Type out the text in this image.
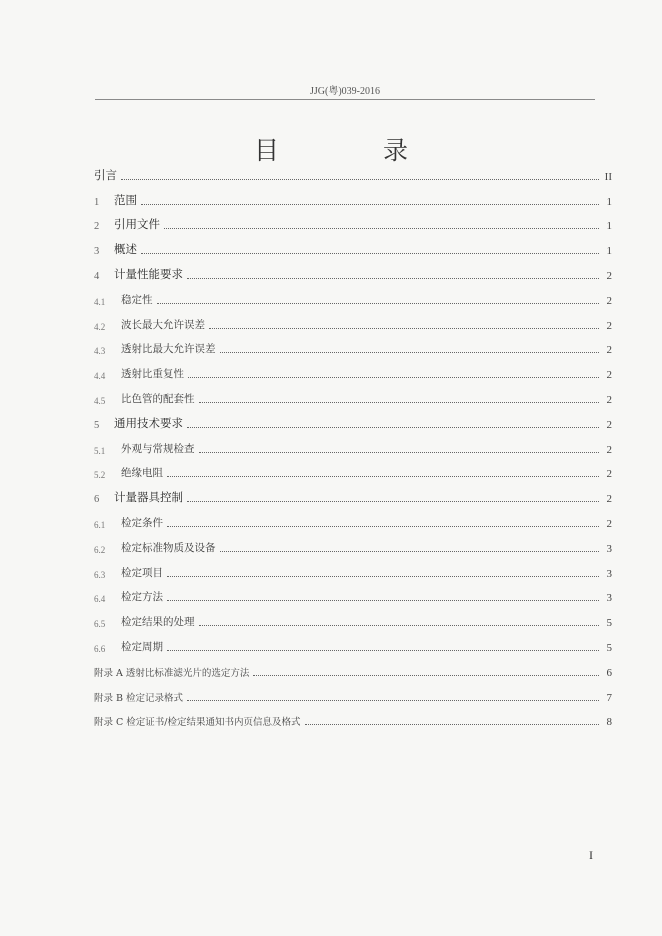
JJG(粤)039-2016
目 录
引言	II
1	范围	1
2	引用文件	1
3	概述	1
4	计量性能要求	2
4.1	稳定性	2
4.2	波长最大允许误差	2
4.3	透射比最大允许误差	2
4.4	透射比重复性	2
4.5	比色管的配套性	2
5	通用技术要求	2
5.1	外观与常规检查	2
5.2	绝缘电阻	2
6	计量器具控制	2
6.1	检定条件	2
6.2	检定标准物质及设备	3
6.3	检定项目	3
6.4	检定方法	3
6.5	检定结果的处理	5
6.6	检定周期	5
附录 A 透射比标准滤光片的选定方法	6
附录 B 检定记录格式	7
附录 C 检定证书/检定结果通知书内页信息及格式	8
I
